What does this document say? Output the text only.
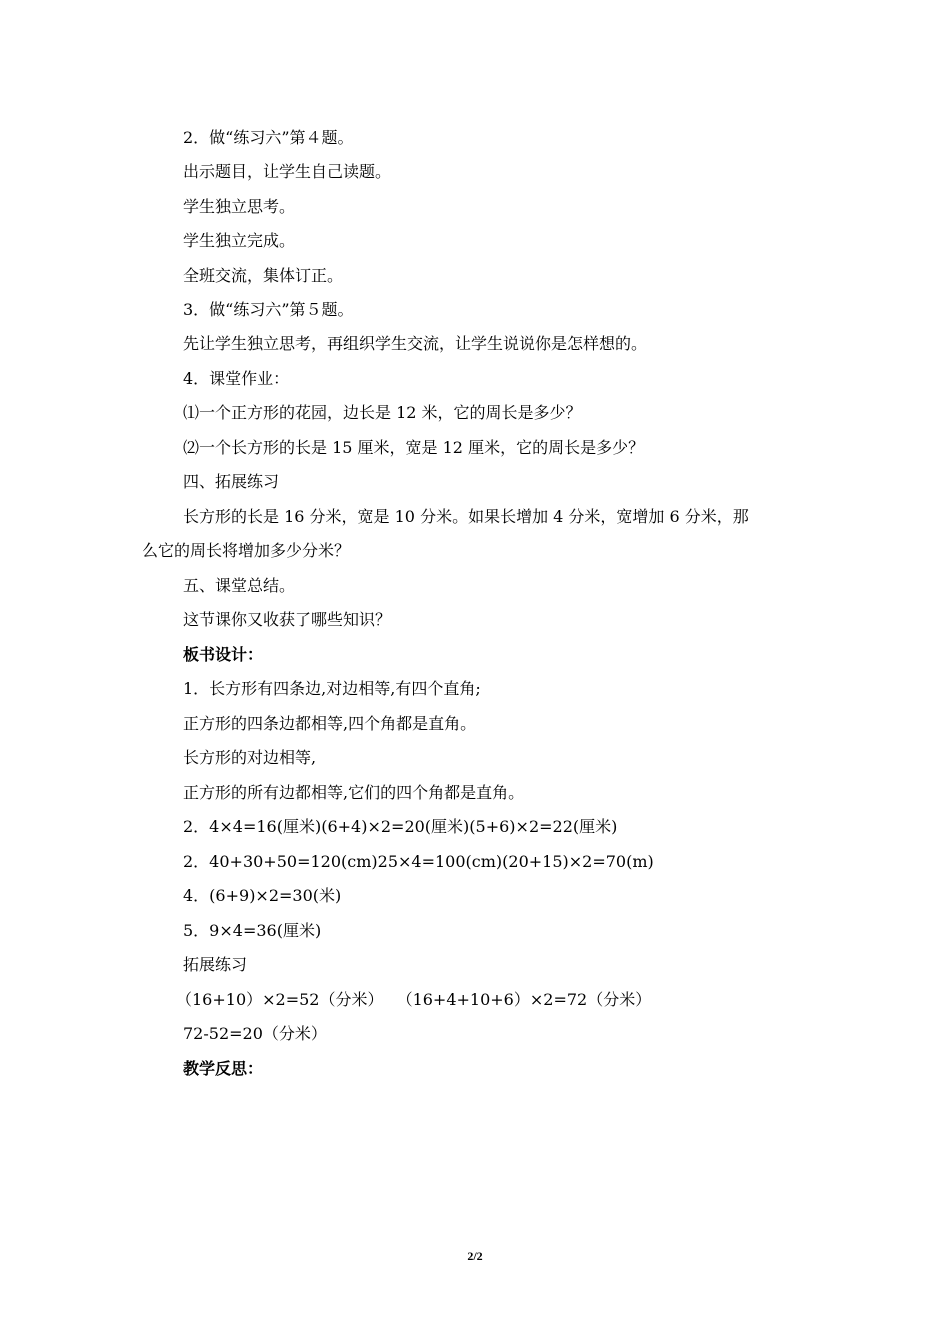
2．做“练习六”第４题。
出示题目，让学生自己读题。
学生独立思考。
学生独立完成。
全班交流，集体订正。
3．做“练习六”第５题。
先让学生独立思考，再组织学生交流，让学生说说你是怎样想的。
4．课堂作业：
⑴一个正方形的花园，边长是 12 米，它的周长是多少？
⑵一个长方形的长是 15 厘米，宽是 12 厘米，它的周长是多少？
四、拓展练习
长方形的长是 16 分米，宽是 10 分米。如果长增加 4 分米，宽增加 6 分米，那
么它的周长将增加多少分米？
五、课堂总结。
这节课你又收获了哪些知识？
板书设计：
1．长方形有四条边,对边相等,有四个直角;
正方形的四条边都相等,四个角都是直角。
长方形的对边相等,
正方形的所有边都相等,它们的四个角都是直角。
2．4×4=16(厘米)(6+4)×2=20(厘米)(5+6)×2=22(厘米)
2．40+30+50=120(cm)25×4=100(cm)(20+15)×2=70(m)
4．(6+9)×2=30(米)
5．9×4=36(厘米)
拓展练习
（16+10）×2=52（分米）　 （16+4+10+6）×2=72（分米）
72-52=20（分米）
教学反思：
2/2
